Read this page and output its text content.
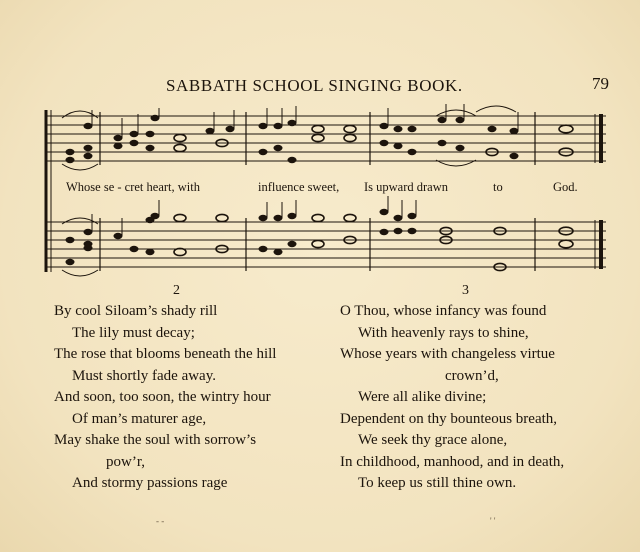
SABBATH SCHOOL SINGING BOOK.	79
Whose se - cret heart, with	influence sweet, Is upward drawn	to	God.
2	3
By cool Siloam’s shady rill
The lily must decay;
The rose that blooms beneath the hill
Must shortly fade away.
And soon, too soon, the wintry hour
Of man’s maturer age,
May shake the soul with sorrow’s
pow’r,
And stormy passions rage
O Thou, whose infancy was found
With heavenly rays to shine,
Whose years with changeless virtue
crown’d,
Were all alike divine;
Dependent on thy bounteous breath,
We seek thy grace alone,
In childhood, manhood, and in death,
To keep us still thine own.
- -	' '
